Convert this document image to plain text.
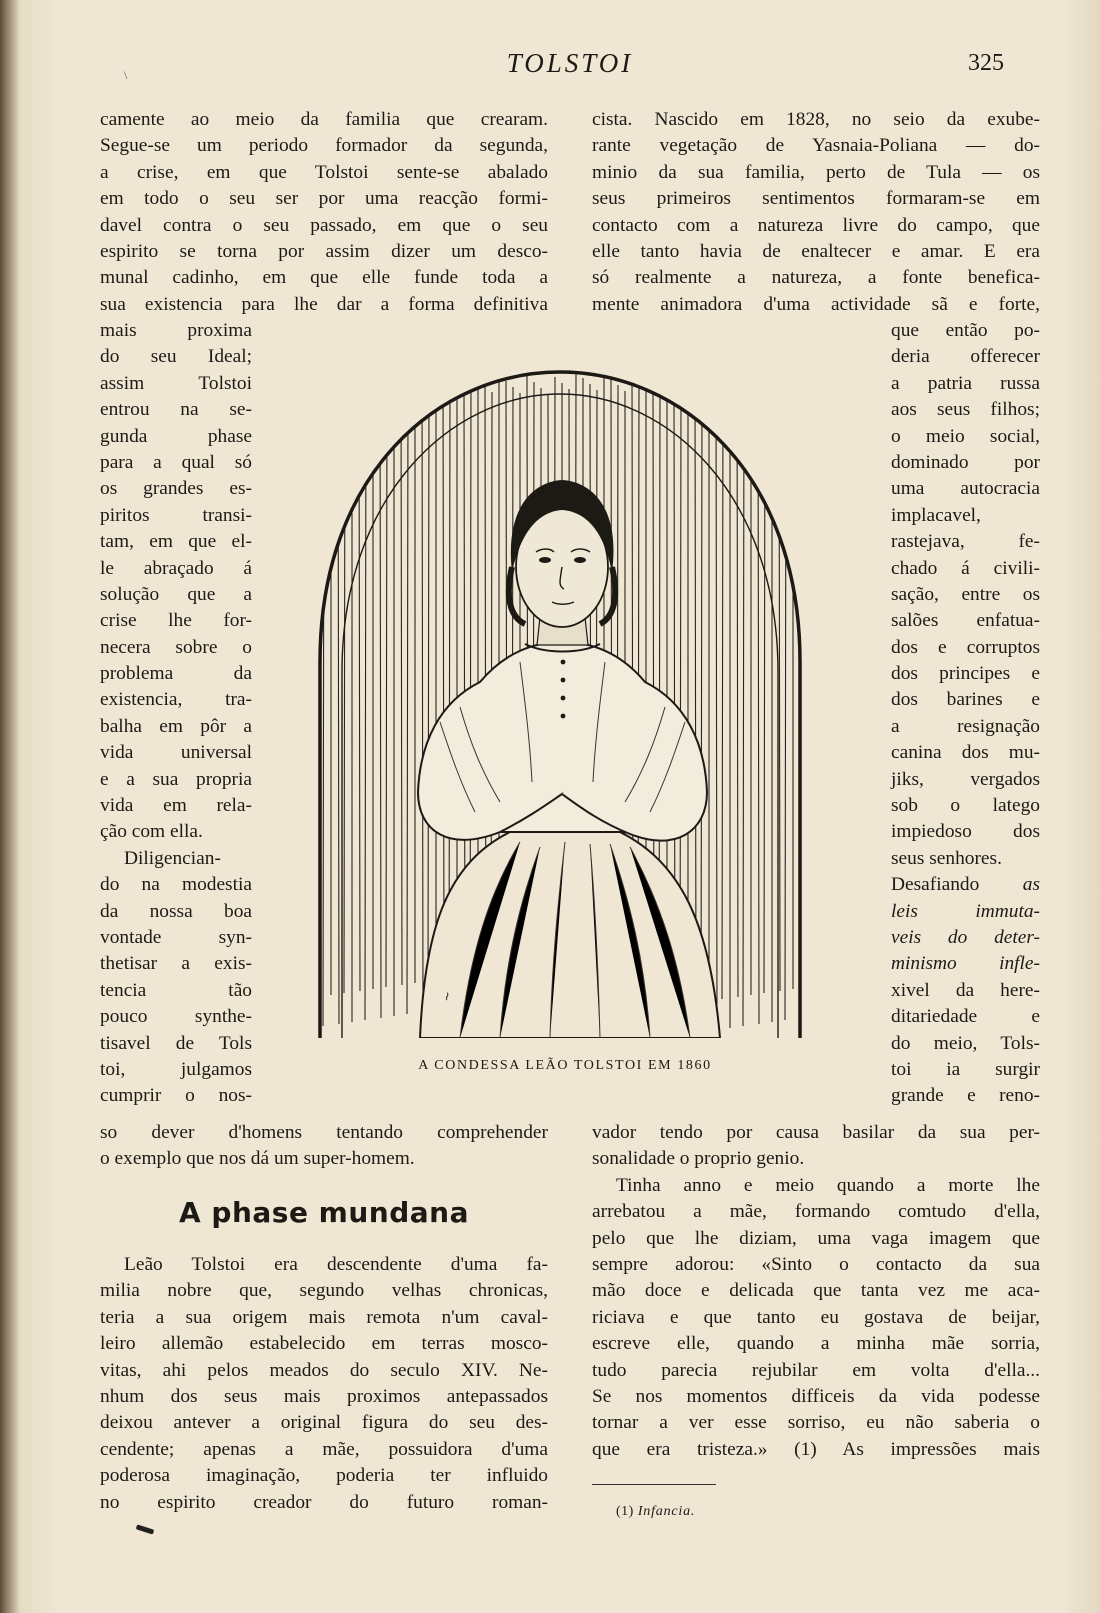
\	TOLSTOI	325
camente ao meio da familia que crearam.
Segue-se um periodo formador da segunda,
a crise, em que Tolstoi sente-se abalado
em todo o seu ser por uma reacção formi-
davel contra o seu passado, em que o seu
espirito se torna por assim dizer um desco-
munal cadinho, em que elle funde toda a
sua existencia para lhe dar a forma definitiva
mais proxima
do seu Ideal;
assim Tolstoi
entrou na se-
gunda phase
para a qual só
os grandes es-
piritos transi-
tam, em que el-
le abraçado á
solução que a
crise lhe for-
necera sobre o
problema da
existencia, tra-
balha em pôr a
vida universal
e a sua propria
vida em rela-
ção com ella.
Diligencian-
do na modestia
da nossa boa
vontade syn-
thetisar a exis-
tencia tão
pouco synthe-
tisavel de Tols
toi, julgamos
cumprir o nos-
so dever d'homens tentando comprehender
o exemplo que nos dá um super-homem.
A phase mundana
Leão Tolstoi era descendente d'uma fa-
milia nobre que, segundo velhas chronicas,
teria a sua origem mais remota n'um caval-
leiro allemão estabelecido em terras mosco-
vitas, ahi pelos meados do seculo XIV. Ne-
nhum dos seus mais proximos antepassados
deixou antever a original figura do seu des-
cendente; apenas a mãe, possuidora d'uma
poderosa imaginação, poderia ter influido
no espirito creador do futuro roman-
cista. Nascido em 1828, no seio da exube-
rante vegetação de Yasnaia-Poliana — do-
minio da sua familia, perto de Tula — os
seus primeiros sentimentos formaram-se em
contacto com a natureza livre do campo, que
elle tanto havia de enaltecer e amar. E era
só realmente a natureza, a fonte benefica-
mente animadora d'uma actividade sã e forte,
que então po-
deria offerecer
a patria russa
aos seus filhos;
o meio social,
dominado por
uma autocracia
implacavel,
rastejava, fe-
chado á civili-
sação, entre os
salões enfatua-
dos e corruptos
dos principes e
dos barines e
a resignação
canina dos mu-
jiks, vergados
sob o latego
impiedoso dos
seus senhores.
Desafiando as
leis immuta-
veis do deter-
minismo infle-
xivel da here-
ditariedade e
do meio, Tols-
toi ia surgir
grande e reno-
vador tendo por causa basilar da sua per-
sonalidade o proprio genio.
Tinha anno e meio quando a morte lhe
arrebatou a mãe, formando comtudo d'ella,
pelo que lhe diziam, uma vaga imagem que
sempre adorou: «Sinto o contacto da sua
mão doce e delicada que tanta vez me aca-
riciava e que tanto eu gostava de beijar,
escreve elle, quando a minha mãe sorria,
tudo parecia rejubilar em volta d'ella...
Se nos momentos difficeis da vida podesse
tornar a ver esse sorriso, eu não saberia o
que era tristeza.» (1) As impressões mais
~
A CONDESSA LEÃO TOLSTOI EM 1860
(1) Infancia.
